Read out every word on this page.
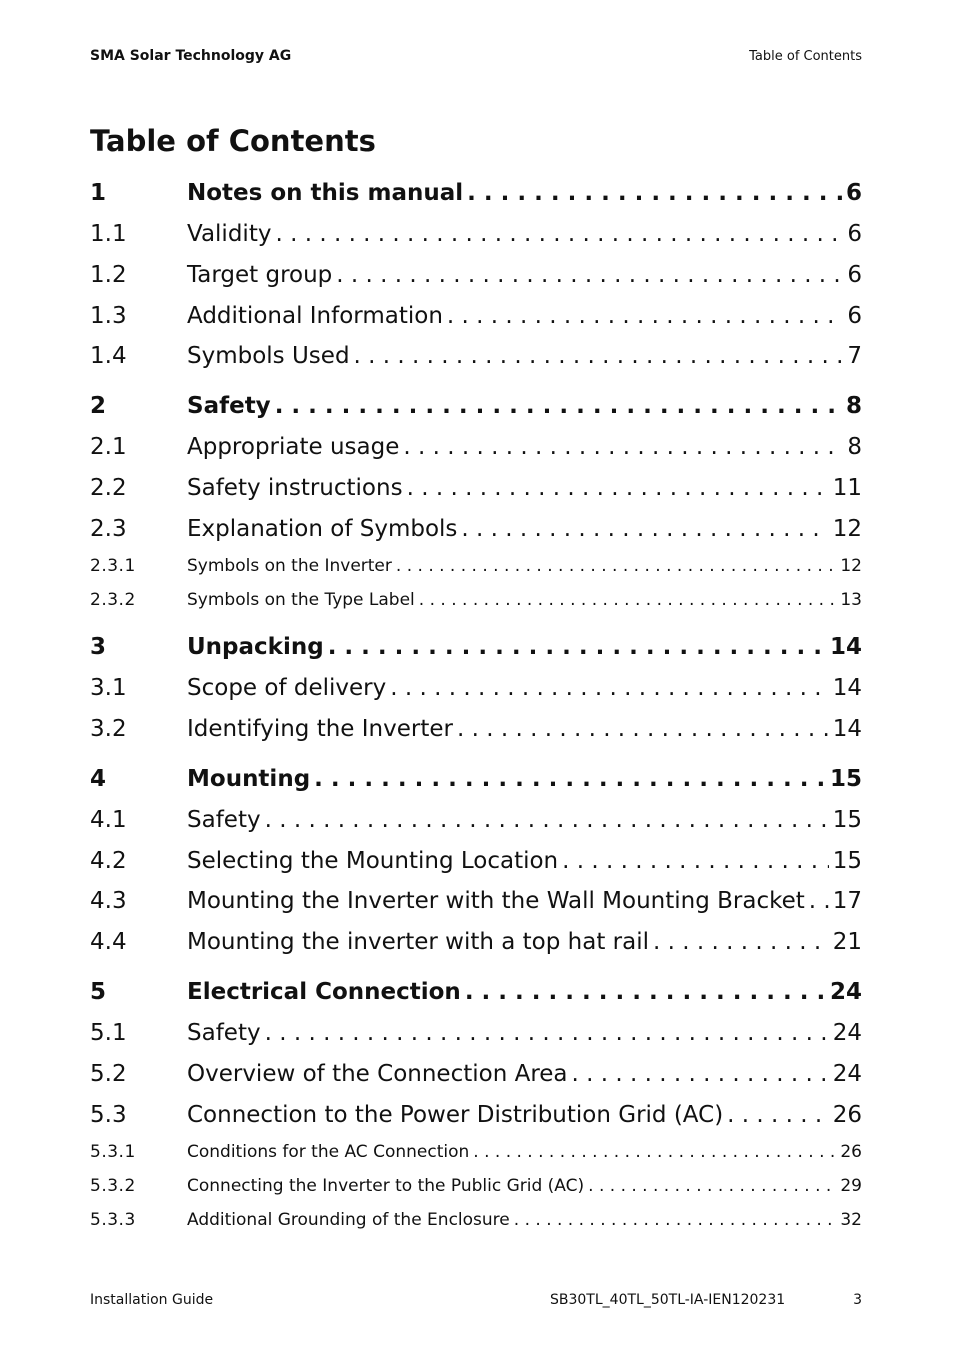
SMA Solar Technology AG	Table of Contents
Table of Contents
1	Notes on this manual . . .	6
1.1	Validity . . .	6
1.2	Target group . . .	6
1.3	Additional Information . . .	6
1.4	Symbols Used . . .	7
2	Safety . . .	8
2.1	Appropriate usage . . .	8
2.2	Safety instructions . . .	11
2.3	Explanation of Symbols . . .	12
2.3.1	Symbols on the Inverter . . .	12
2.3.2	Symbols on the Type Label . . .	13
3	Unpacking . . .	14
3.1	Scope of delivery . . .	14
3.2	Identifying the Inverter . . .	14
4	Mounting . . .	15
4.1	Safety . . .	15
4.2	Selecting the Mounting Location . . .	15
4.3	Mounting the Inverter with the Wall Mounting Bracket . . . 17
4.4	Mounting the inverter with a top hat rail . . .	21
5	Electrical Connection . . .	24
5.1	Safety . . .	24
5.2	Overview of the Connection Area . . .	24
5.3	Connection to the Power Distribution Grid (AC) . . .	26
5.3.1	Conditions for the AC Connection . . .	26
5.3.2	Connecting the Inverter to the Public Grid (AC) . . .	29
5.3.3	Additional Grounding of the Enclosure . . .	32
Installation Guide	SB30TL_40TL_50TL-IA-IEN120231	3
